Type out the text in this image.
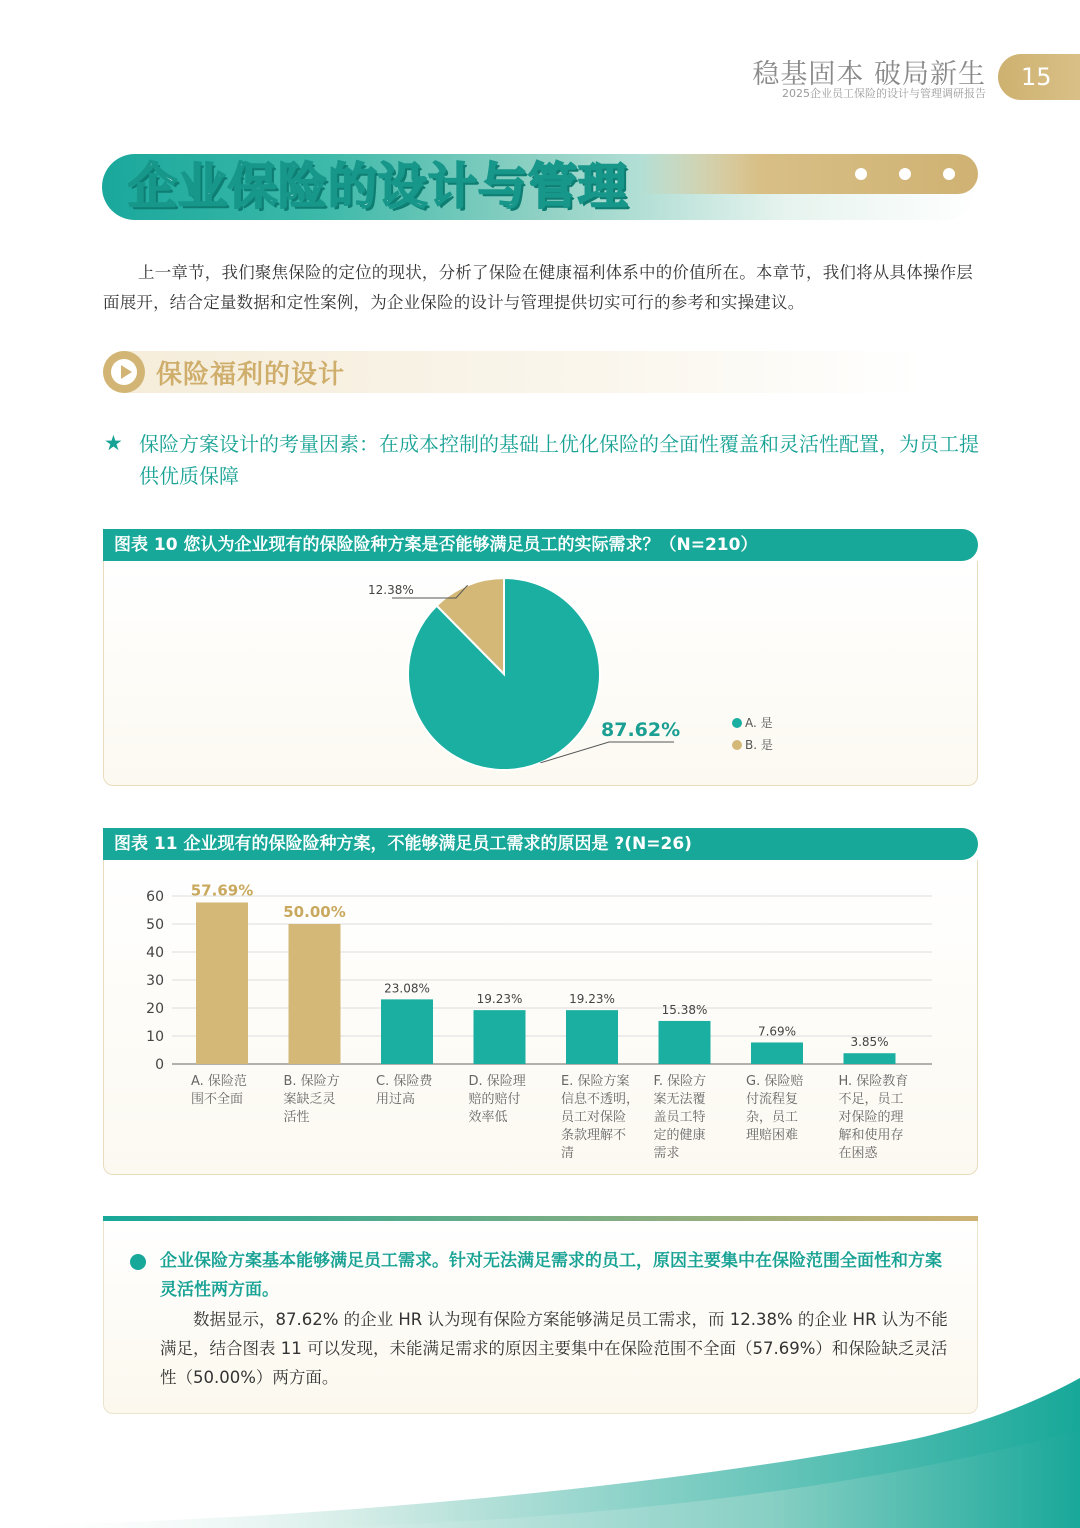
稳基固本 破局新生
2025企业员工保险的设计与管理调研报告
15
企业保险的设计与管理

上一章节，我们聚焦保险的定位的现状，分析了保险在健康福利体系中的价值所在。本章节，我们将从具体操作层面展开，结合定量数据和定性案例，为企业保险的设计与管理提供切实可行的参考和实操建议。

保险福利的设计
★ 保险方案设计的考量因素：在成本控制的基础上优化保险的全面性覆盖和灵活性配置，为员工提供优质保障
图表 10 您认为企业现有的保险险种方案是否能够满足员工的实际需求？（N=210）
87.62%
12.38%
A. 是
B. 是
图表 11 企业现有的保险险种方案，不能够满足员工需求的原因是 ?(N=26)
0
10
20
30
40
50
60 57.69%
A. 保险范围不全面
50.00%
B. 保险方案缺乏灵活性
23.08%
C. 保险费用过高
19.23%
D. 保险理赔的赔付效率低
19.23%
E. 保险方案信息不透明，员工对保险条款理解不清
15.38%
F. 保险方案无法覆盖员工特定的健康需求
7.69%
G. 保险赔付流程复杂，员工理赔困难
3.85%
H. 保险教育不足，员工对保险的理解和使用存在困惑
企业保险方案基本能够满足员工需求。针对无法满足需求的员工，原因主要集中在保险范围全面性和方案灵活性两方面。

数据显示，87.62% 的企业 HR 认为现有保险方案能够满足员工需求，而 12.38% 的企业 HR 认为不能满足，结合图表 11 可以发现，未能满足需求的原因主要集中在保险范围不全面（57.69%）和保险缺乏灵活性（50.00%）两方面。
